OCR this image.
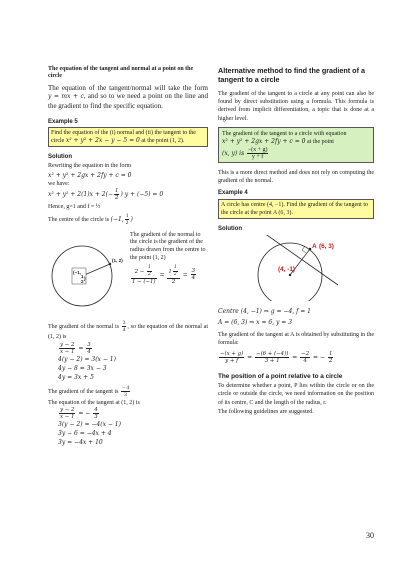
The equation of the tangent and normal at a point on the circle

The equation of the tangent/normal will take the form y = mx + c, and so to we need a point on the line and the gradient to find the specific equation.

Example 5

Find the equation of the (i) normal and (ii) the tangent to the circle x² + y² + 2x − y − 5 = 0 at the point (1, 2).

Solution

Rewriting the equation in the form

x² + y² + 2gx + 2fy + c = 0

we have:

$x^2 + y^2 + 2(1)x + 2(- \frac{1}{2}$ ) y + (−5) = 0

Hence, g=1 and f = ½

The centre of the circle is (−1, $\frac{1}{2}$ )

(1, 2)
(−1,
1
2
)
The gradient of the normal to the circle is the gradient of the radius drawn from the centre to the point (1, 2)
$\frac{2 - \frac{1}{2}}{1 - (-1)} = \frac{1 \frac{1}{2}}{2} = \frac{3}{4}$

The gradient of the normal is $\frac{3}{4}$ , so the equation of the normal at (1, 2) is

$\frac{y - 2}{x - 1} = \frac{3}{4}$
4(y − 2) = 3(x − 1)
4y − 8 = 3x − 3
4y = 3x + 5

The gradient of the tangent is $\frac{- 4}{3}$

The equation of the tangent at (1, 2) is

$\frac{y - 2}{x - 1}$ = − $\frac{4}{3}$
3(y − 2) = −4(x − 1)
3y − 6 = −4x + 4
3y = −4x + 10

Alternative method to find the gradient of a tangent to a circle

The gradient of the tangent to a circle at any point can also be found by direct substitution using a formula. This formula is derived from implicit differentiation, a topic that is done at a higher level.

The gradient of the tangent to a circle with equation x² + y² + 2gx + 2fy + c = 0 at the point
(x, y) is $\frac{-(x + g)}{y + f}$

This is a more direct method and does not rely on computing the gradient of the normal.

Example 4

A circle has centre (4, −1). Find the gradient of the tangent to the circle at the point A (6, 3).

Solution

A (6, 3)
(4, -1)
Centre (4, −1) ⇒ g = −4, f = 1
A = (6, 3) ⇒ x = 6, y = 3

The gradient of the tangent at A is obtained by substituting in the formula:

$\frac{-(x + g)}{y + f} = \frac{-(6 + (-4))}{3 + 1} = \frac{-2}{4}$ = − $\frac{1}{2}$

The position of a point relative to a circle

To determine whether a point, P lies within the circle or on the circle or outside the circle, we need information on the position of its centre, C and the length of the radius, r.

The following guidelines are suggested.

30
